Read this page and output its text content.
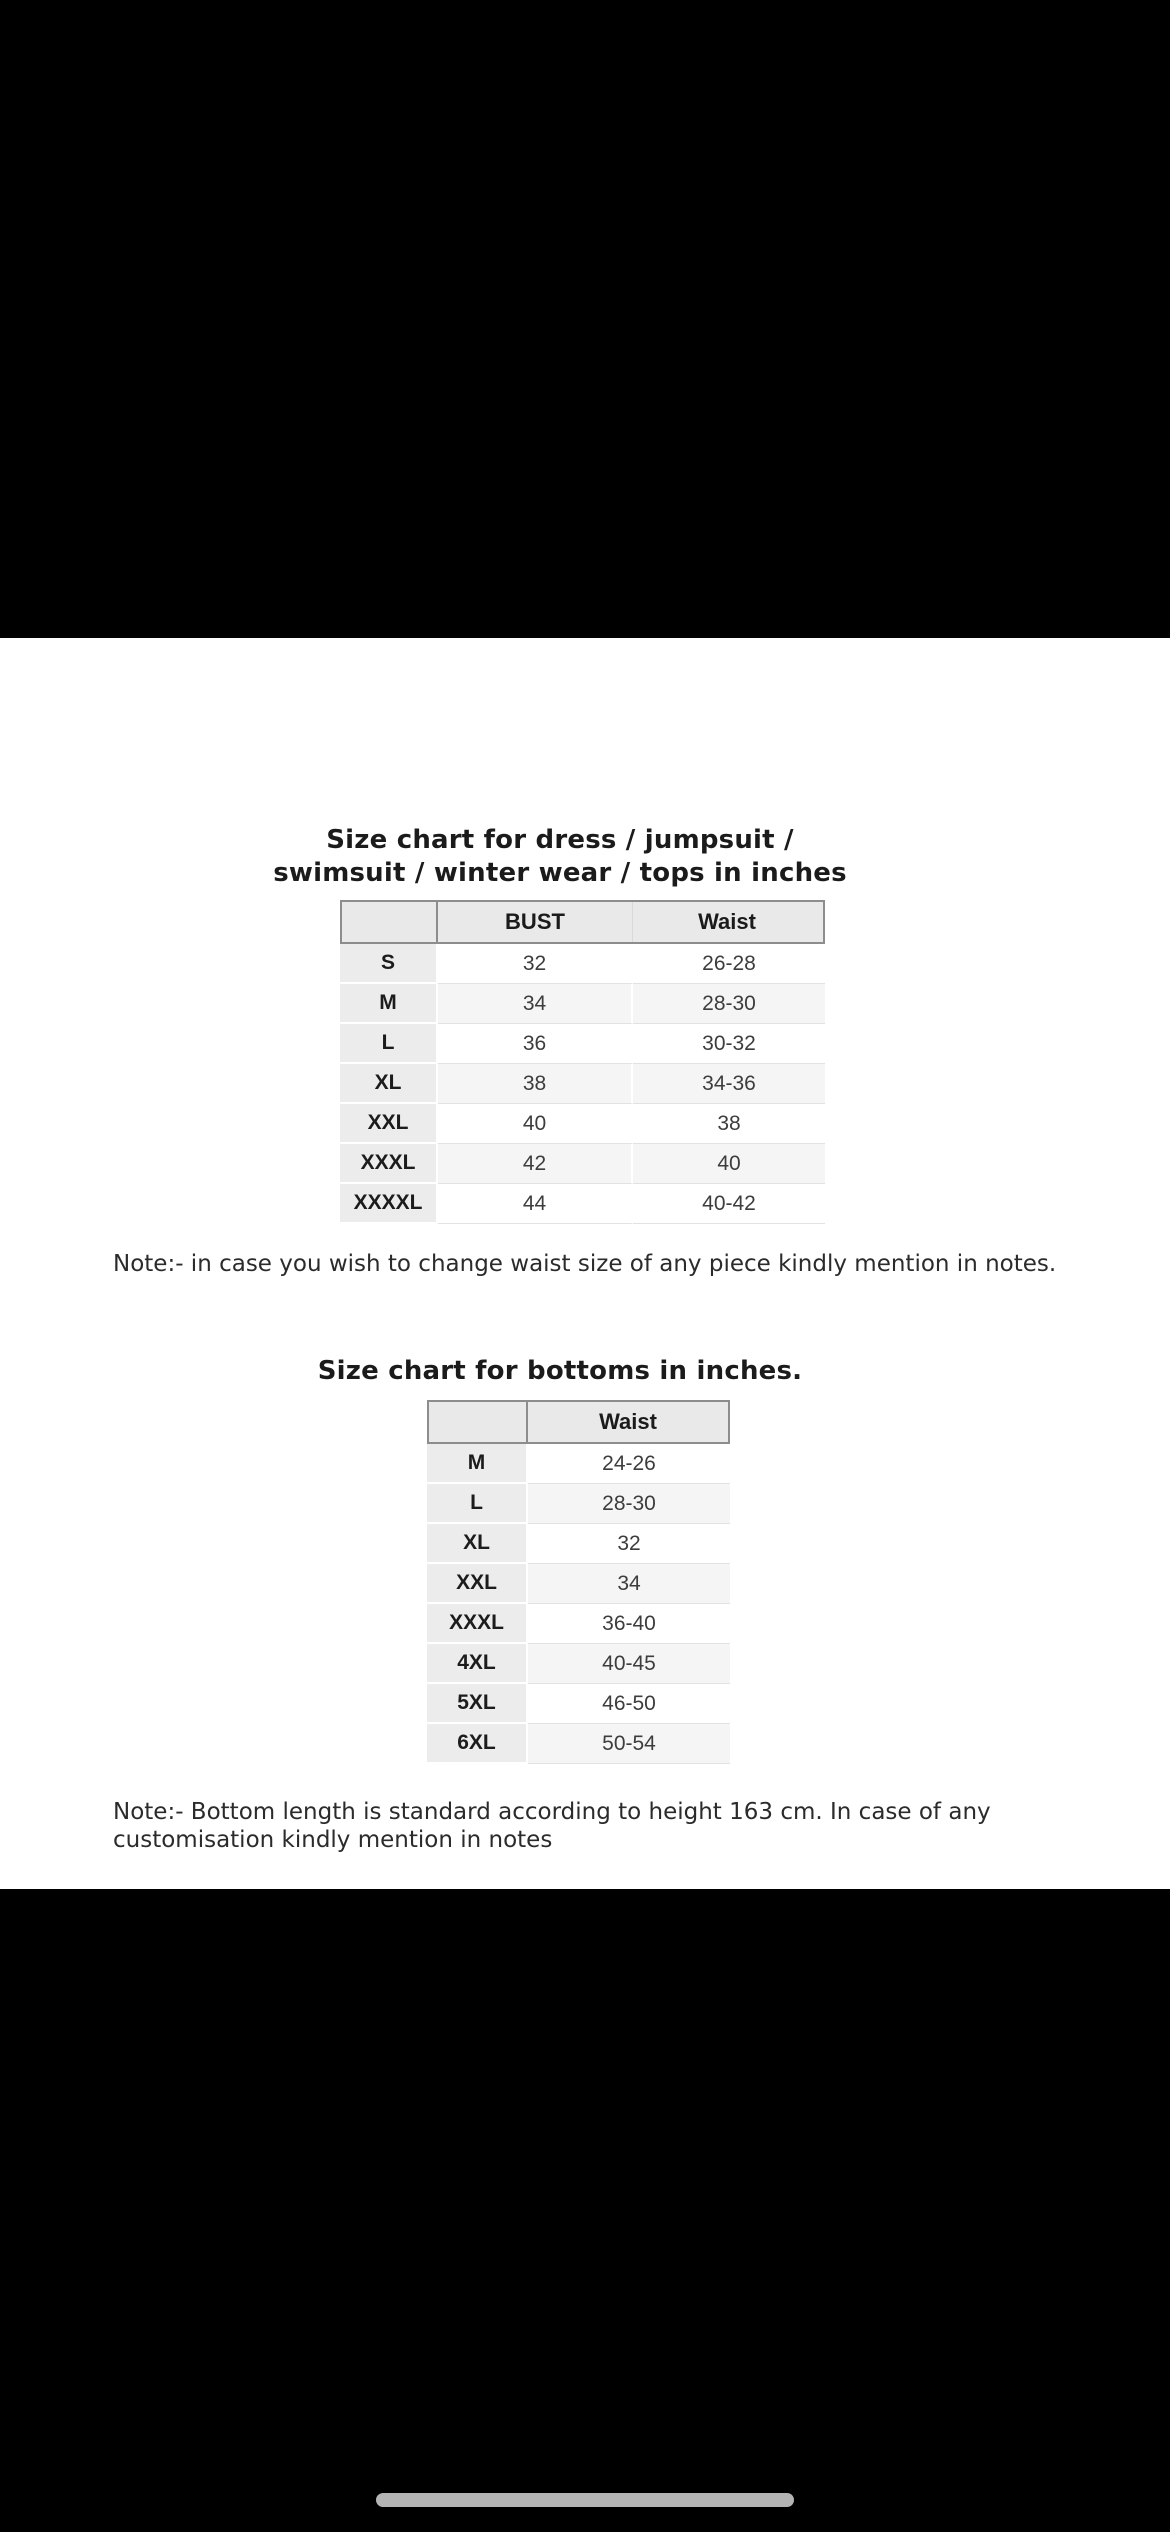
Size chart for dress / jumpsuit /
swimsuit / winter wear / tops in inches
BUST	Waist
S	32	26-28
M	34	28-30
L	36	30-32
XL	38	34-36
XXL	40	38
XXXL	42	40
XXXXL	44	40-42

Note:- in case you wish to change waist size of any piece kindly mention in notes.

Size chart for bottoms in inches.
Waist
M	24-26
L	28-30
XL	32
XXL	34
XXXL	36-40
4XL	40-45
5XL	46-50
6XL	50-54

Note:- Bottom length is standard according to height 163 cm. In case of any
customisation kindly mention in notes
